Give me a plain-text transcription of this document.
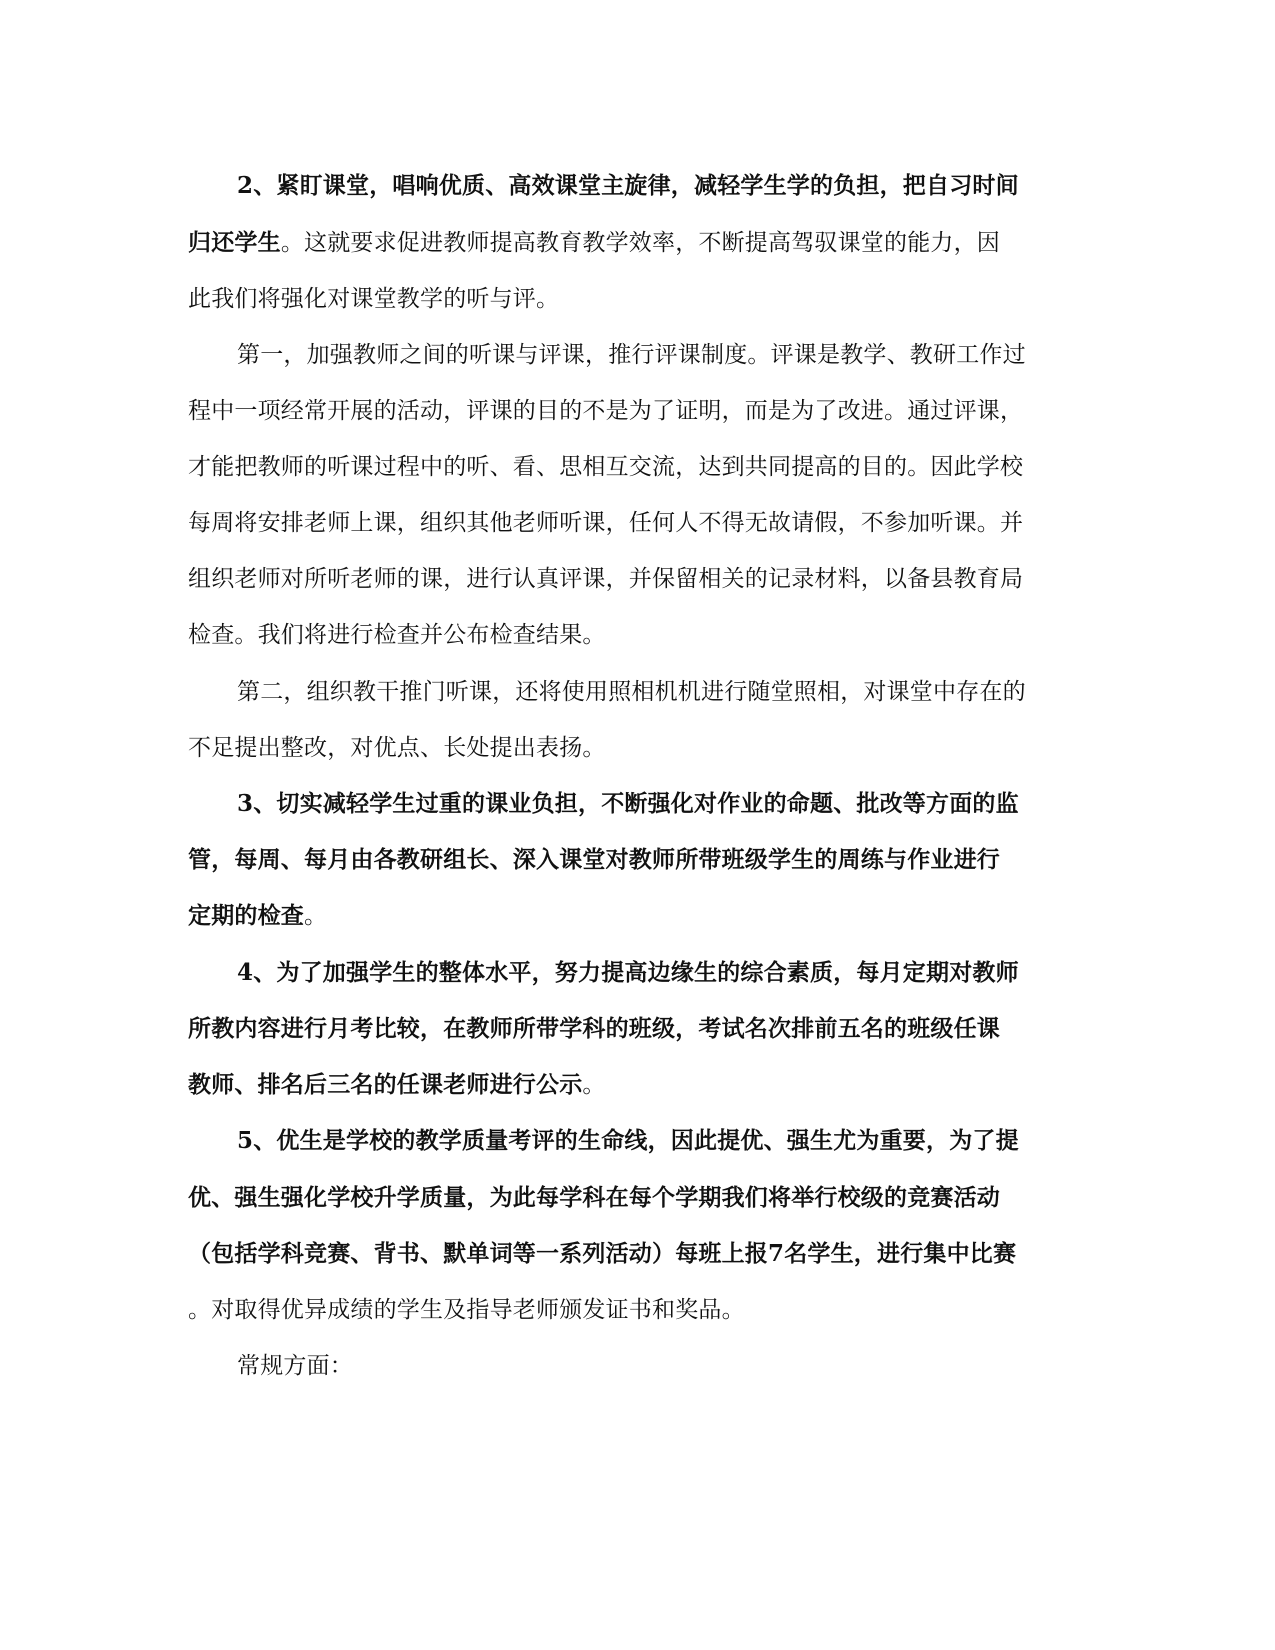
2、紧盯课堂，唱响优质、高效课堂主旋律，减轻学生学的负担，把自习时间
归还学生。这就要求促进教师提高教育教学效率，不断提高驾驭课堂的能力，因
此我们将强化对课堂教学的听与评。
第一，加强教师之间的听课与评课，推行评课制度。评课是教学、教研工作过
程中一项经常开展的活动，评课的目的不是为了证明，而是为了改进。通过评课，
才能把教师的听课过程中的听、看、思相互交流，达到共同提高的目的。因此学校
每周将安排老师上课，组织其他老师听课，任何人不得无故请假，不参加听课。并
组织老师对所听老师的课，进行认真评课，并保留相关的记录材料，以备县教育局
检查。我们将进行检查并公布检查结果。
第二，组织教干推门听课，还将使用照相机机进行随堂照相，对课堂中存在的
不足提出整改，对优点、长处提出表扬。
3、切实减轻学生过重的课业负担，不断强化对作业的命题、批改等方面的监
管，每周、每月由各教研组长、深入课堂对教师所带班级学生的周练与作业进行
定期的检查。
4、为了加强学生的整体水平，努力提高边缘生的综合素质，每月定期对教师
所教内容进行月考比较，在教师所带学科的班级，考试名次排前五名的班级任课
教师、排名后三名的任课老师进行公示。
5、优生是学校的教学质量考评的生命线，因此提优、强生尤为重要，为了提
优、强生强化学校升学质量，为此每学科在每个学期我们将举行校级的竞赛活动
（包括学科竞赛、背书、默单词等一系列活动）每班上报7名学生，进行集中比赛
。对取得优异成绩的学生及指导老师颁发证书和奖品。
常规方面：
